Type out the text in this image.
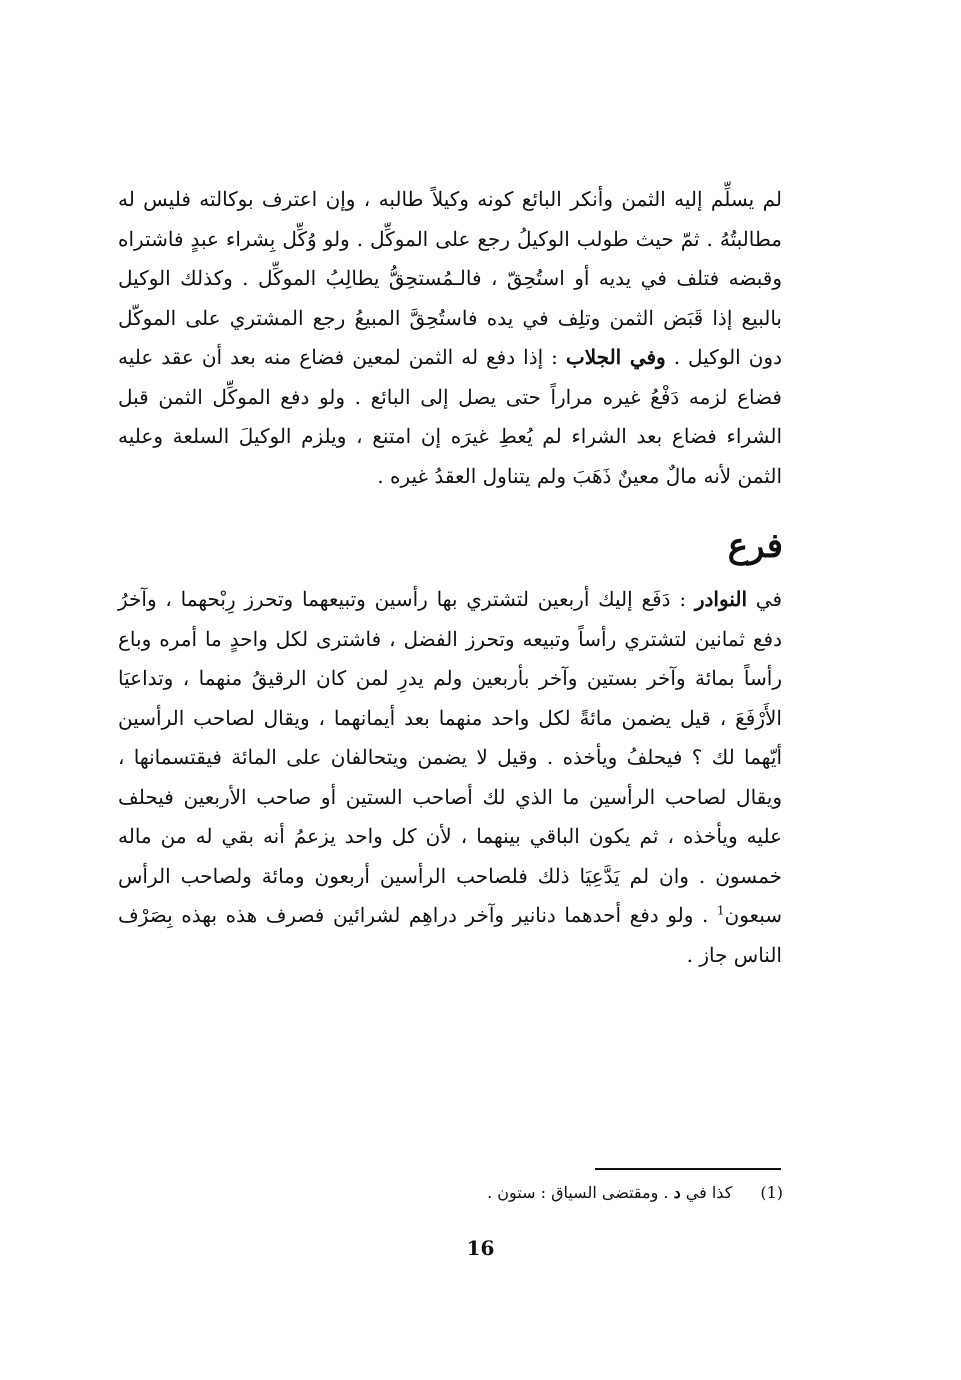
لم يسلِّم إليه الثمن وأنكر البائع كونه وكيلاً طالبه ، وإن اعترف بوكالته فليس له مطالبتُهُ . ثمّ حيث طولب الوكيلُ رجع على الموكِّل . ولو وُكِّل بِشراء عبدٍ فاشتراه وقبضه فتلف في يديه أو استُحِقّ ، فالـمُستحِقُّ يطالِبُ الموكِّل . وكذلك الوكيل بالبيع إذا قَبَض الثمن وتلِف في يده فاستُحِقَّ المبيعُ رجع المشتري على الموكّل دون الوكيل . وفي الجلاب : إذا دفع له الثمن لمعين فضاع منه بعد أن عقد عليه فضاع لزمه دَفْعُ غيره مراراً حتى يصل إلى البائع . ولو دفع الموكِّل الثمن قبل الشراء فضاع بعد الشراء لم يُعطِ غيرَه إن امتنع ، ويلزم الوكيلَ السلعة وعليه الثمن لأنه مالٌ معينٌ ذَهَبَ ولم يتناول العقدُ غيره .

فرع

في النوادر : دَفَع إليك أربعين لتشتري بها رأسين وتبيعهما وتحرز رِبْحهما ، وآخرُ دفع ثمانين لتشتري رأساً وتبيعه وتحرز الفضل ، فاشترى لكل واحدٍ ما أمره وباع رأساً بمائة وآخر بستين وآخر بأربعين ولم يدرِ لمن كان الرقيقُ منهما ، وتداعيَا الأَرْفَعَ ، قيل يضمن مائةً لكل واحد منهما بعد أيمانهما ، ويقال لصاحب الرأسين أيّهما لك ؟ فيحلفُ ويأخذه . وقيل لا يضمن ويتحالفان على المائة فيقتسمانها ، ويقال لصاحب الرأسين ما الذي لك أصاحب الستين أو صاحب الأربعين فيحلف عليه ويأخذه ، ثم يكون الباقي بينهما ، لأن كل واحد يزعمُ أنه بقي له من ماله خمسون . وان لم يَدَّعِيَا ذلك فلصاحب الرأسين أربعون ومائة ولصاحب الرأس سبعون$^1$ . ولو دفع أحدهما دنانير وآخر دراهِم لشرائين فصرف هذه بهذه بِصَرْف الناس جاز .

(1)كذا في د . ومقتضى السياق : ستون .

16
